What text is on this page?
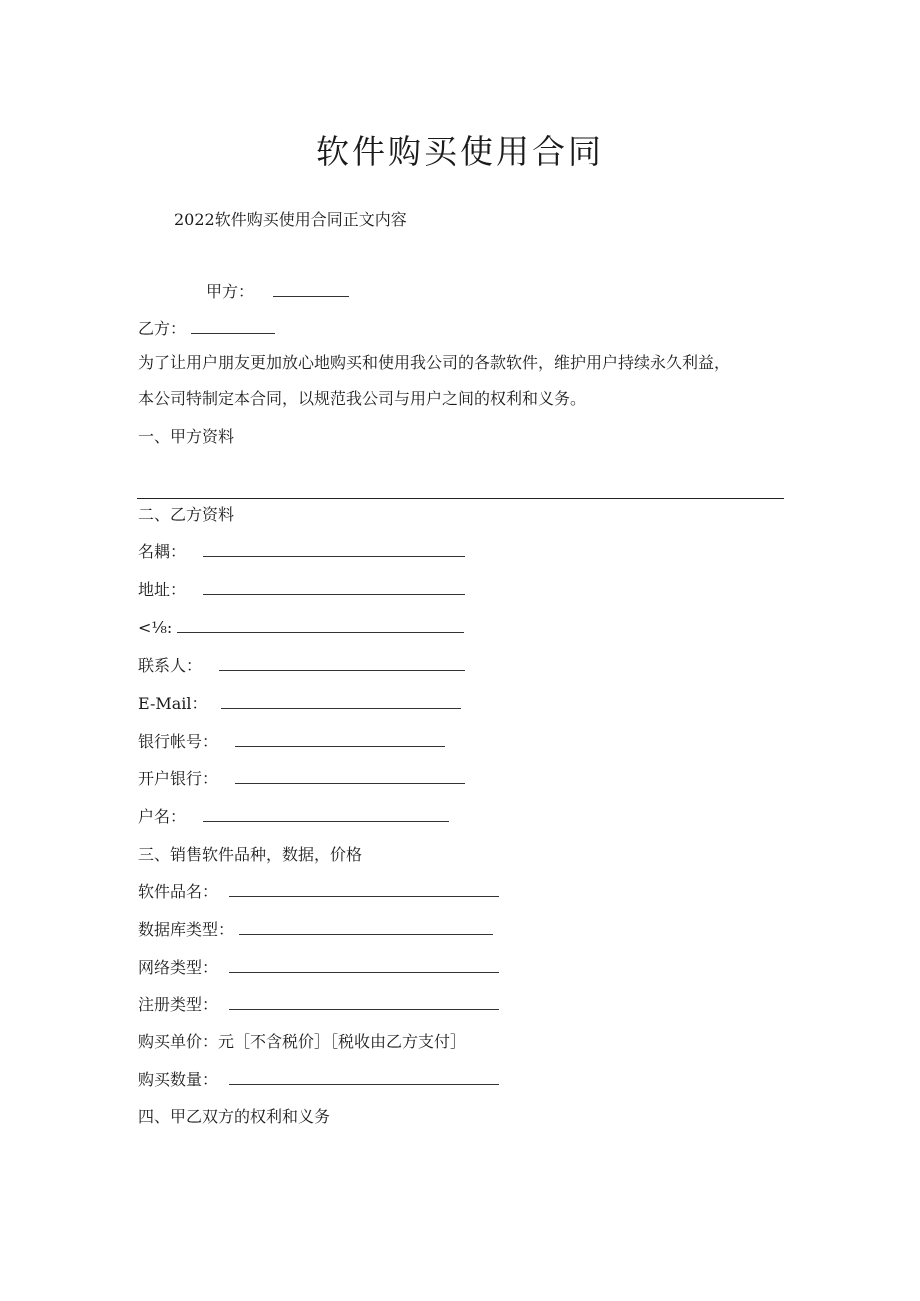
软件购买使用合同
2022软件购买使用合同正文内容
甲方：
乙方：
为了让用户朋友更加放心地购买和使用我公司的各款软件，维护用户持续永久利益，
本公司特制定本合同，以规范我公司与用户之间的权利和义务。
一、甲方资料
二、乙方资料
名耦：
地址：
<⅛:
联系人：
E-Mail：
银行帐号：
开户银行：
户名：
三、销售软件品种，数据，价格
软件品名：
数据库类型：
网络类型：
注册类型：
购买单价：元［不含税价］［税收由乙方支付］
购买数量：
四、甲乙双方的权利和义务
